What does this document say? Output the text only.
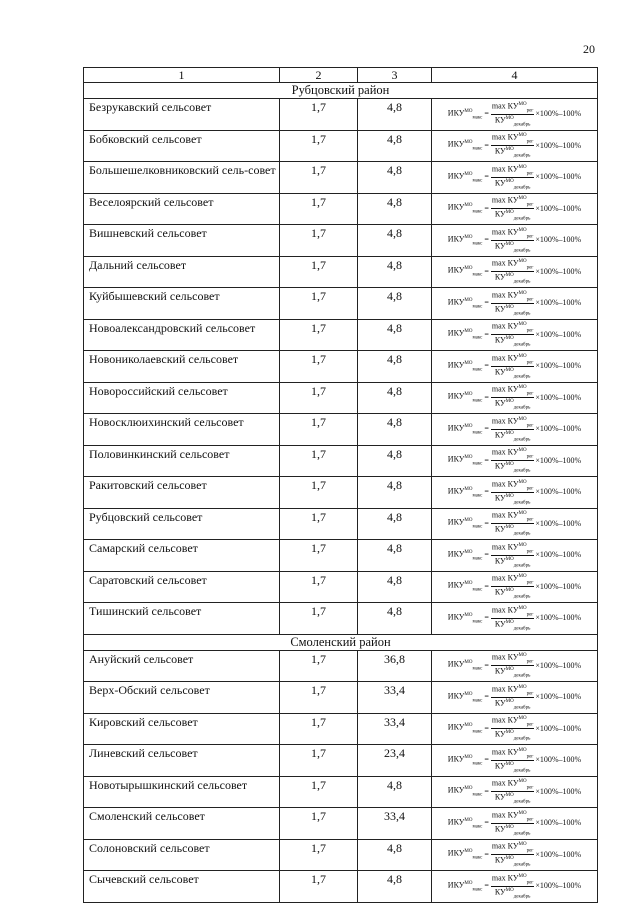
20
1	2	3	4
Рубцовский район			
Безрукавский сельсовет	1,7	4,8	$ИКУ^{МО}_{макс} = \frac{\max КУ^{МО}_{pег}}{КУ^{МО}_{декабрь}} \times 100\%-100\%$

Бобковский сельсовет	1,7	4,8	$ИКУ^{МО}_{макс} = \frac{\max КУ^{МО}_{pег}}{КУ^{МО}_{декабрь}} \times 100\%-100\%$

Большешелковниковский сель-совет	1,7	4,8	$ИКУ^{МО}_{макс} = \frac{\max КУ^{МО}_{pег}}{КУ^{МО}_{декабрь}} \times 100\%-100\%$

Веселоярский сельсовет	1,7	4,8	$ИКУ^{МО}_{макс} = \frac{\max КУ^{МО}_{pег}}{КУ^{МО}_{декабрь}} \times 100\%-100\%$

Вишневский сельсовет	1,7	4,8	$ИКУ^{МО}_{макс} = \frac{\max КУ^{МО}_{pег}}{КУ^{МО}_{декабрь}} \times 100\%-100\%$

Дальний сельсовет	1,7	4,8	$ИКУ^{МО}_{макс} = \frac{\max КУ^{МО}_{pег}}{КУ^{МО}_{декабрь}} \times 100\%-100\%$

Куйбышевский сельсовет	1,7	4,8	$ИКУ^{МО}_{макс} = \frac{\max КУ^{МО}_{pег}}{КУ^{МО}_{декабрь}} \times 100\%-100\%$

Новоалександровский сельсовет	1,7	4,8	$ИКУ^{МО}_{макс} = \frac{\max КУ^{МО}_{pег}}{КУ^{МО}_{декабрь}} \times 100\%-100\%$

Новониколаевский сельсовет	1,7	4,8	$ИКУ^{МО}_{макс} = \frac{\max КУ^{МО}_{pег}}{КУ^{МО}_{декабрь}} \times 100\%-100\%$

Новороссийский сельсовет	1,7	4,8	$ИКУ^{МО}_{макс} = \frac{\max КУ^{МО}_{pег}}{КУ^{МО}_{декабрь}} \times 100\%-100\%$

Новосклюихинский сельсовет	1,7	4,8	$ИКУ^{МО}_{макс} = \frac{\max КУ^{МО}_{pег}}{КУ^{МО}_{декабрь}} \times 100\%-100\%$

Половинкинский сельсовет	1,7	4,8	$ИКУ^{МО}_{макс} = \frac{\max КУ^{МО}_{pег}}{КУ^{МО}_{декабрь}} \times 100\%-100\%$

Ракитовский сельсовет	1,7	4,8	$ИКУ^{МО}_{макс} = \frac{\max КУ^{МО}_{pег}}{КУ^{МО}_{декабрь}} \times 100\%-100\%$

Рубцовский сельсовет	1,7	4,8	$ИКУ^{МО}_{макс} = \frac{\max КУ^{МО}_{pег}}{КУ^{МО}_{декабрь}} \times 100\%-100\%$

Самарский сельсовет	1,7	4,8	$ИКУ^{МО}_{макс} = \frac{\max КУ^{МО}_{pег}}{КУ^{МО}_{декабрь}} \times 100\%-100\%$

Саратовский сельсовет	1,7	4,8	$ИКУ^{МО}_{макс} = \frac{\max КУ^{МО}_{pег}}{КУ^{МО}_{декабрь}} \times 100\%-100\%$

Тишинский сельсовет	1,7	4,8	$ИКУ^{МО}_{макс} = \frac{\max КУ^{МО}_{pег}}{КУ^{МО}_{декабрь}} \times 100\%-100\%$

Смоленский район			
Ануйский сельсовет	1,7	36,8	$ИКУ^{МО}_{макс} = \frac{\max КУ^{МО}_{pег}}{КУ^{МО}_{декабрь}} \times 100\%-100\%$

Верх-Обский сельсовет	1,7	33,4	$ИКУ^{МО}_{макс} = \frac{\max КУ^{МО}_{pег}}{КУ^{МО}_{декабрь}} \times 100\%-100\%$

Кировский сельсовет	1,7	33,4	$ИКУ^{МО}_{макс} = \frac{\max КУ^{МО}_{pег}}{КУ^{МО}_{декабрь}} \times 100\%-100\%$

Линевский сельсовет	1,7	23,4	$ИКУ^{МО}_{макс} = \frac{\max КУ^{МО}_{pег}}{КУ^{МО}_{декабрь}} \times 100\%-100\%$

Новотырышкинский сельсовет	1,7	4,8	$ИКУ^{МО}_{макс} = \frac{\max КУ^{МО}_{pег}}{КУ^{МО}_{декабрь}} \times 100\%-100\%$

Смоленский сельсовет	1,7	33,4	$ИКУ^{МО}_{макс} = \frac{\max КУ^{МО}_{pег}}{КУ^{МО}_{декабрь}} \times 100\%-100\%$

Солоновский сельсовет	1,7	4,8	$ИКУ^{МО}_{макс} = \frac{\max КУ^{МО}_{pег}}{КУ^{МО}_{декабрь}} \times 100\%-100\%$

Сычевский сельсовет	1,7	4,8	$ИКУ^{МО}_{макс} = \frac{\max КУ^{МО}_{pег}}{КУ^{МО}_{декабрь}} \times 100\%-100\%$
